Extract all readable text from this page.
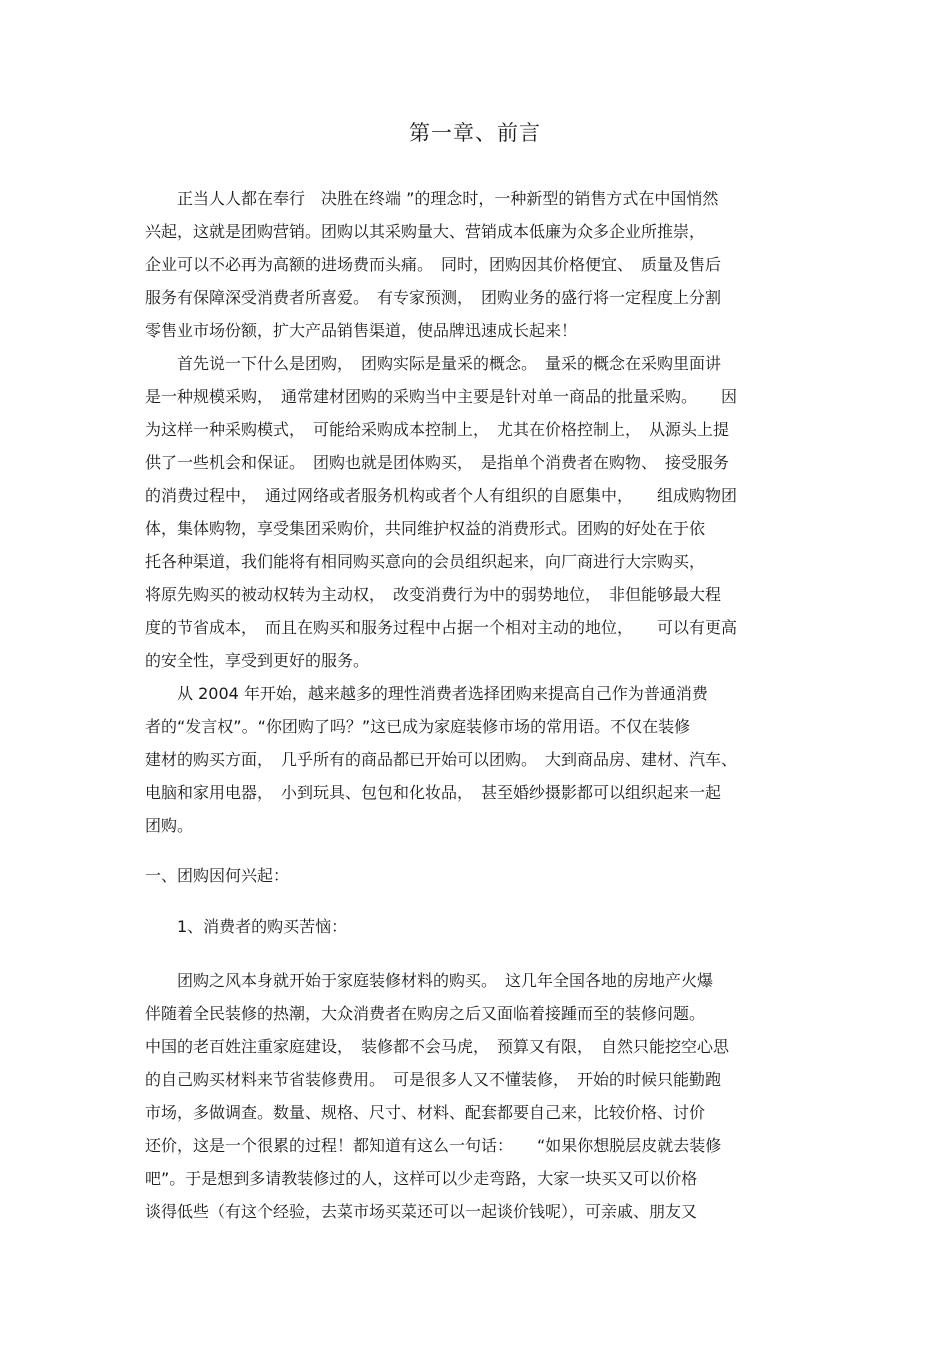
第一章、前言
　　正当人人都在奉行　决胜在终端 ”的理念时，一种新型的销售方式在中国悄然
兴起，这就是团购营销。团购以其采购量大、营销成本低廉为众多企业所推崇，
企业可以不必再为高额的进场费而头痛。　同时，团购因其价格便宜、　质量及售后
服务有保障深受消费者所喜爱。　有专家预测，　团购业务的盛行将一定程度上分割
零售业市场份额，扩大产品销售渠道，使品牌迅速成长起来！
　　首先说一下什么是团购，　团购实际是量采的概念。　量采的概念在采购里面讲
是一种规模采购，　通常建材团购的采购当中主要是针对单一商品的批量采购。　　因
为这样一种采购模式，　可能给采购成本控制上，　尤其在价格控制上，　从源头上提
供了一些机会和保证。　团购也就是团体购买，　是指单个消费者在购物、　接受服务
的消费过程中，　通过网络或者服务机构或者个人有组织的自愿集中，　　组成购物团
体，集体购物，享受集团采购价，共同维护权益的消费形式。团购的好处在于依
托各种渠道，我们能将有相同购买意向的会员组织起来，向厂商进行大宗购买，
将原先购买的被动权转为主动权，　改变消费行为中的弱势地位，　非但能够最大程
度的节省成本，　而且在购买和服务过程中占据一个相对主动的地位，　　可以有更高
的安全性，享受到更好的服务。
　　从 2004 年开始，越来越多的理性消费者选择团购来提高自己作为普通消费
者的“发言权”。“你团购了吗？”这已成为家庭装修市场的常用语。不仅在装修
建材的购买方面，　几乎所有的商品都已开始可以团购。　大到商品房、建材、汽车、
电脑和家用电器，　小到玩具、包包和化妆品，　甚至婚纱摄影都可以组织起来一起
团购。
一、团购因何兴起：
　　1、消费者的购买苦恼：
　　团购之风本身就开始于家庭装修材料的购买。　这几年全国各地的房地产火爆
伴随着全民装修的热潮，大众消费者在购房之后又面临着接踵而至的装修问题。
中国的老百姓注重家庭建设，　装修都不会马虎，　预算又有限，　自然只能挖空心思
的自己购买材料来节省装修费用。　可是很多人又不懂装修，　开始的时候只能勤跑
市场，多做调查。数量、规格、尺寸、材料、配套都要自己来，比较价格、讨价
还价，这是一个很累的过程！都知道有这么一句话：　　“如果你想脱层皮就去装修
吧”。于是想到多请教装修过的人，这样可以少走弯路，大家一块买又可以价格
谈得低些（有这个经验，去菜市场买菜还可以一起谈价钱呢），可亲戚、朋友又
